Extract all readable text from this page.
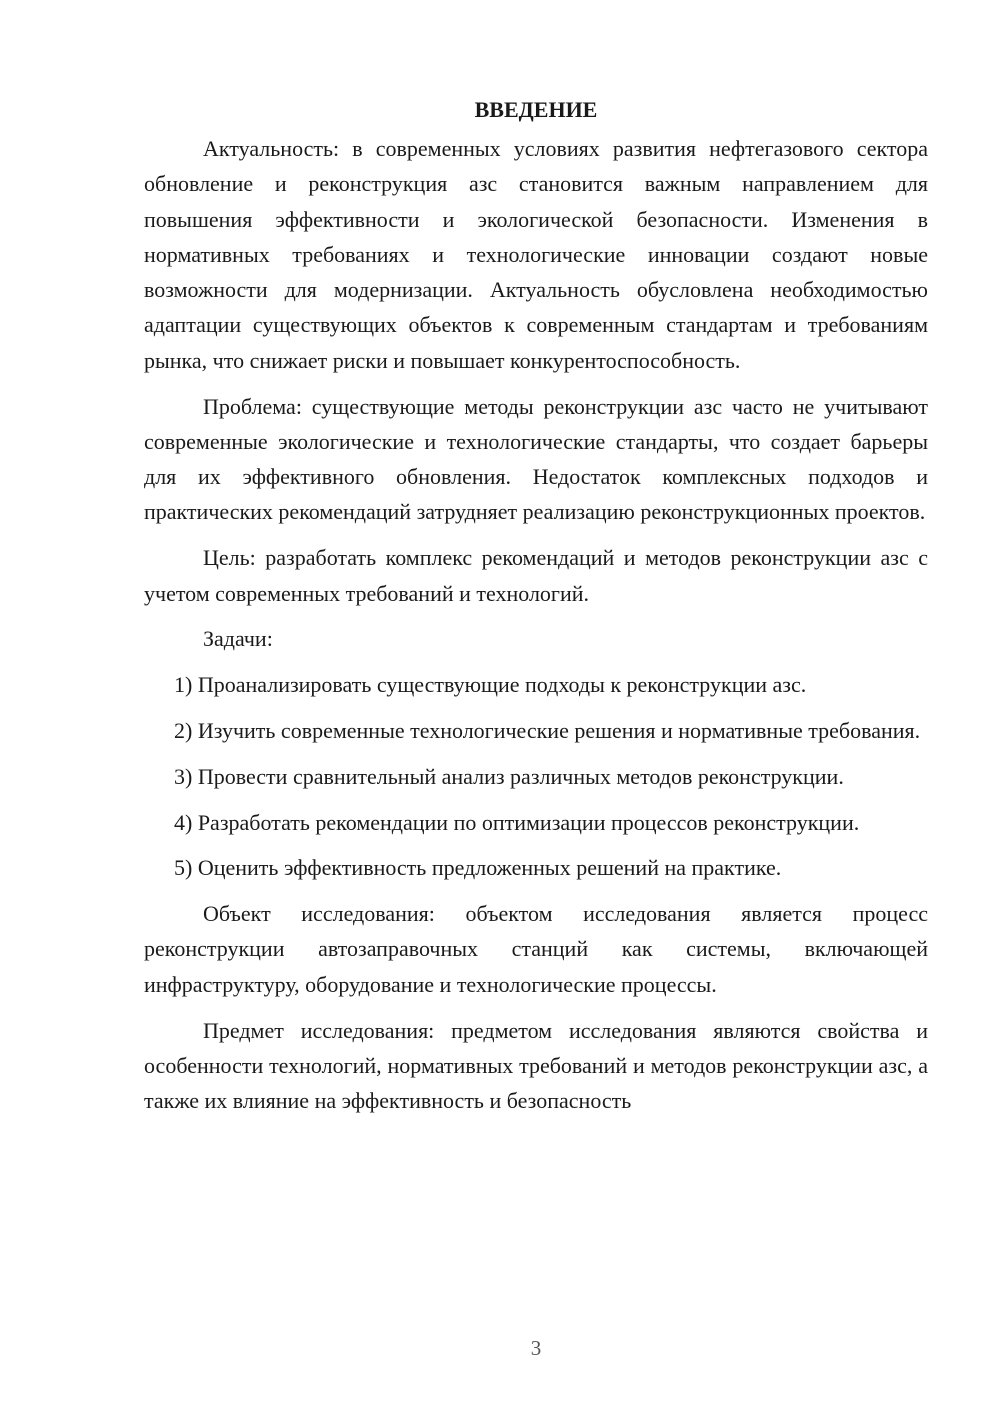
ВВЕДЕНИЕ

Актуальность: в современных условиях развития нефтегазового сектора обновление и реконструкция азс становится важным направлением для повышения эффективности и экологической безопасности. Изменения в нормативных требованиях и технологические инновации создают новые возможности для модернизации. Актуальность обусловлена необходимостью адаптации существующих объектов к современным стандартам и требованиям рынка, что снижает риски и повышает конкурентоспособность.

Проблема: существующие методы реконструкции азс часто не учитывают современные экологические и технологические стандарты, что создает барьеры для их эффективного обновления. Недостаток комплексных подходов и практических рекомендаций затрудняет реализацию реконструкционных проектов.

Цель: разработать комплекс рекомендаций и методов реконструкции азс с учетом современных требований и технологий.

Задачи:

1) Проанализировать существующие подходы к реконструкции азс.

2) Изучить современные технологические решения и нормативные требования.

3) Провести сравнительный анализ различных методов реконструкции.

4) Разработать рекомендации по оптимизации процессов реконструкции.

5) Оценить эффективность предложенных решений на практике.

Объект исследования: объектом исследования является процесс реконструкции автозаправочных станций как системы, включающей инфраструктуру, оборудование и технологические процессы.

Предмет исследования: предметом исследования являются свойства и особенности технологий, нормативных требований и методов реконструкции азс, а также их влияние на эффективность и безопасность

3
